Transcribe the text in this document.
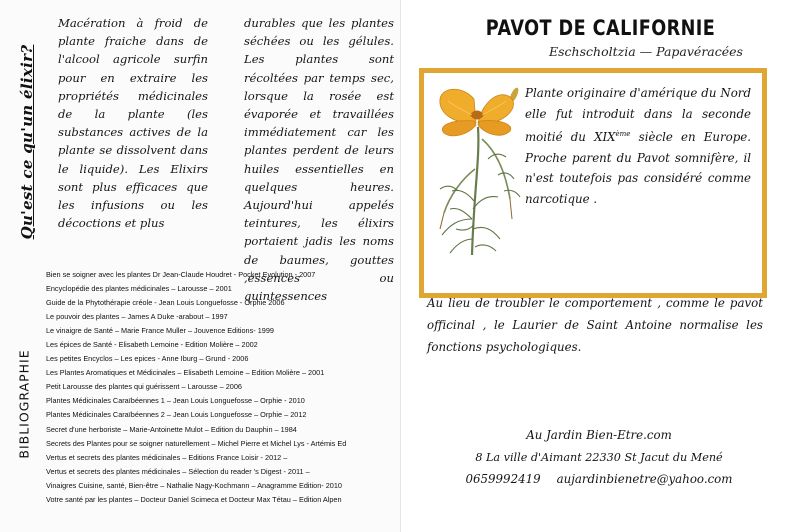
Qu'est ce qu'un élixir?

Macération à froid de plante fraiche dans de l'alcool agricole surfin pour en extraire les propriétés médicinales de la plante (les substances actives de la plante se dissolvent dans le liquide). Les Elixirs sont plus efficaces que les infusions ou les décoctions et plus

durables que les plantes séchées ou les gélules. Les plantes sont récoltées par temps sec, lorsque la rosée est évaporée et travaillées immédiatement car les plantes perdent de leurs huiles essentielles en quelques heures. Aujourd'hui appelés teintures, les élixirs portaient jadis les noms de baumes, gouttes ,essences ou quintessences

BIBLIOGRAPHIE
Bien se soigner avec les plantes Dr Jean-Claude Houdret - Pocket Evolution - 2007
Encyclopédie des plantes médicinales – Larousse – 2001
Guide de la Phytothérapie créole - Jean Louis Longuefosse - Orphie 2006
Le pouvoir des plantes – James A Duke -arabout – 1997
Le vinaigre de Santé – Marie France Muller – Jouvence Editions- 1999
Les épices de Santé - Elisabeth Lemoine - Edition Molière – 2002
Les petites Encyclos – Les epices - Anne Iburg – Grund - 2006
Les Plantes Aromatiques et Médicinales – Elisabeth Lemoine – Edition Molière – 2001
Petit Larousse des plantes qui guérissent – Larousse – 2006
Plantes Médicinales Caraïbéennes 1 – Jean Louis Longuefosse – Orphie - 2010
Plantes Médicinales Caraïbéennes 2 – Jean Louis Longuefosse – Orphie – 2012
Secret d'une herboriste – Marie-Antoinette Mulot – Edition du Dauphin – 1984
Secrets des Plantes pour se soigner naturellement – Michel Pierre et Michel Lys - Artémis Ed
Vertus et secrets des plantes médicinales – Editions France Loisir - 2012 –
Vertus et secrets des plantes médicinales – Sélection du reader 's Digest - 2011 –
Vinaigres Cuisine, santé, Bien-être – Nathalie Nagy-Kochmann – Anagramme Edition- 2010
Votre santé par les plantes – Docteur Daniel Scimeca et Docteur Max Tétau – Edition Alpen
PAVOT DE CALIFORNIE
Eschscholtzia — Papavéracées

Plante originaire d'amérique du Nord elle fut introduit dans la seconde moitié du XIXème siècle en Europe. Proche parent du Pavot somnifère, il n'est toutefois pas considéré comme narcotique .

Au lieu de troubler le comportement , comme le pavot officinal , le Laurier de Saint Antoine normalise les fonctions psychologiques.

Au Jardin Bien-Etre.com
8 La ville d'Aimant 22330 St Jacut du Mené
0659992419 aujardinbienetre@yahoo.com
